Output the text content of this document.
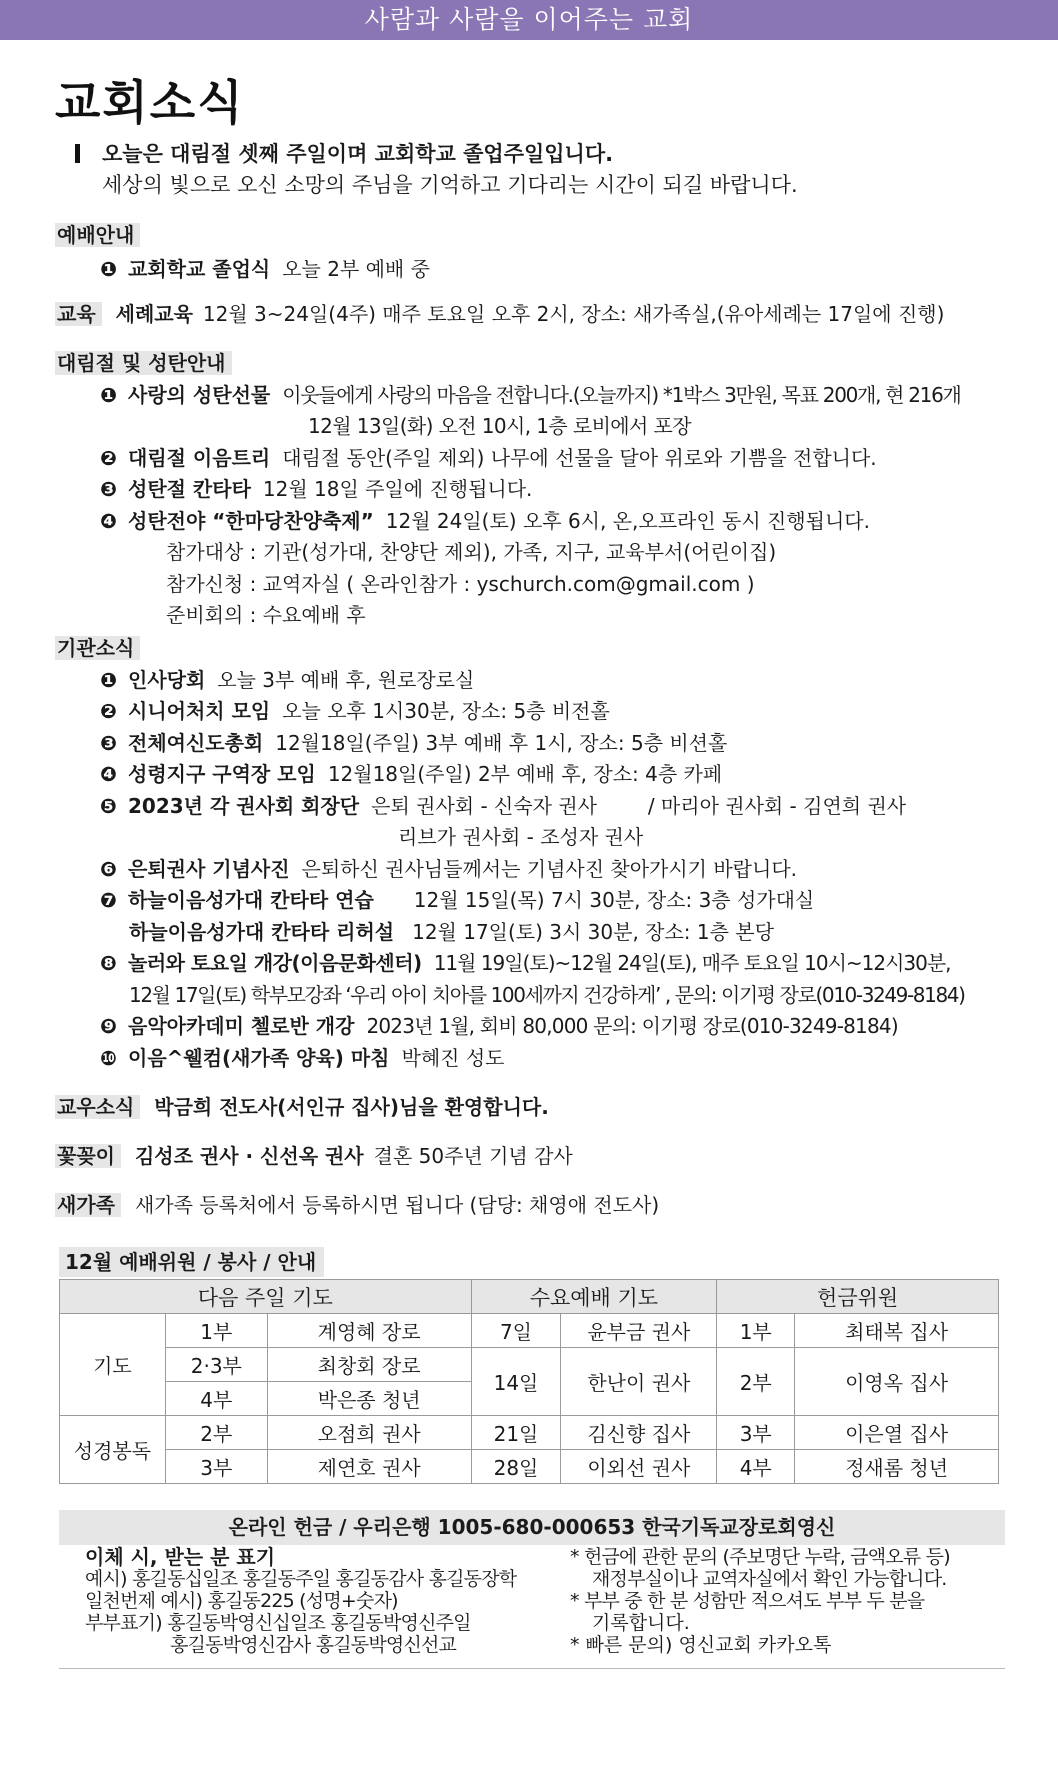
사람과 사람을 이어주는 교회
교회소식
오늘은 대림절 셋째 주일이며 교회학교 졸업주일입니다.
세상의 빛으로 오신 소망의 주님을 기억하고 기다리는 시간이 되길 바랍니다.
예배안내
❶ 교회학교 졸업식 오늘 2부 예배 중
교육 세례교육 12월 3~24일(4주) 매주 토요일 오후 2시, 장소: 새가족실,(유아세례는 17일에 진행)
대림절 및 성탄안내
❶ 사랑의 성탄선물 이웃들에게 사랑의 마음을 전합니다.(오늘까지) *1박스 3만원, 목표 200개, 현 216개
12월 13일(화) 오전 10시, 1층 로비에서 포장
❷ 대림절 이음트리 대림절 동안(주일 제외) 나무에 선물을 달아 위로와 기쁨을 전합니다.
❸ 성탄절 칸타타 12월 18일 주일에 진행됩니다.
❹ 성탄전야 “한마당찬양축제” 12월 24일(토) 오후 6시, 온,오프라인 동시 진행됩니다.
참가대상 : 기관(성가대, 찬양단 제외), 가족, 지구, 교육부서(어린이집)
참가신청 : 교역자실 ( 온라인참가 : yschurch.com@gmail.com )
준비회의 : 수요예배 후
기관소식
❶ 인사당회 오늘 3부 예배 후, 원로장로실
❷ 시니어처치 모임 오늘 오후 1시30분, 장소: 5층 비전홀
❸ 전체여신도총회 12월18일(주일) 3부 예배 후 1시, 장소: 5층 비션홀
❹ 성령지구 구역장 모임 12월18일(주일) 2부 예배 후, 장소: 4층 카페
❺ 2023년 각 권사회 회장단 은퇴 권사회 - 신숙자 권사        / 마리아 권사회 - 김연희 권사
리브가 권사회 - 조성자 권사
❻ 은퇴권사 기념사진 은퇴하신 권사님들께서는 기념사진 찾아가시기 바랍니다.
❼ 하늘이음성가대 칸타타 연습 12월 15일(목) 7시 30분, 장소: 3층 성가대실
하늘이음성가대 칸타타 리허설 12월 17일(토) 3시 30분, 장소: 1층 본당
❽ 놀러와 토요일 개강(이음문화센터) 11월 19일(토)~12월 24일(토), 매주 토요일 10시~12시30분,
12월 17일(토) 학부모강좌 ‘우리 아이 치아를 100세까지 건강하게’ , 문의: 이기평 장로(010-3249-8184)
❾ 음악아카데미 첼로반 개강 2023년 1월, 회비 80,000 문의: 이기평 장로(010-3249-8184)
❿ 이음^웰컴(새가족 양육) 마침 박혜진 성도
교우소식 박금희 전도사(서인규 집사)님을 환영합니다.
꽃꽂이 김성조 권사 · 신선옥 권사 결혼 50주년 기념 감사
새가족 새가족 등록처에서 등록하시면 됩니다 (담당: 채영애 전도사)
12월 예배위원 / 봉사 / 안내
다음 주일 기도			수요예배 기도		헌금위원	
기도	1부	계영혜 장로	7일	윤부금 권사	1부	최태복 집사
	2·3부	최창회 장로	14일	한난이 권사	2부	이영옥 집사
	4부	박은종 청년				
성경봉독	2부	오점희 권사	21일	김신향 집사	3부	이은열 집사
	3부	제연호 권사	28일	이외선 권사	4부	정새롬 청년
온라인 헌금 / 우리은행 1005-680-000653 한국기독교장로회영신
이체 시, 받는 분 표기
예시) 홍길동십일조 홍길동주일 홍길동감사 홍길동장학
일천번제 예시) 홍길동225 (성명+숫자)
부부표기) 홍길동박영신십일조 홍길동박영신주일
홍길동박영신감사 홍길동박영신선교
* 헌금에 관한 문의 (주보명단 누락, 금액오류 등)
재정부실이나 교역자실에서 확인 가능합니다.
* 부부 중 한 분 성함만 적으셔도 부부 두 분을
기록합니다.
* 빠른 문의) 영신교회 카카오톡
